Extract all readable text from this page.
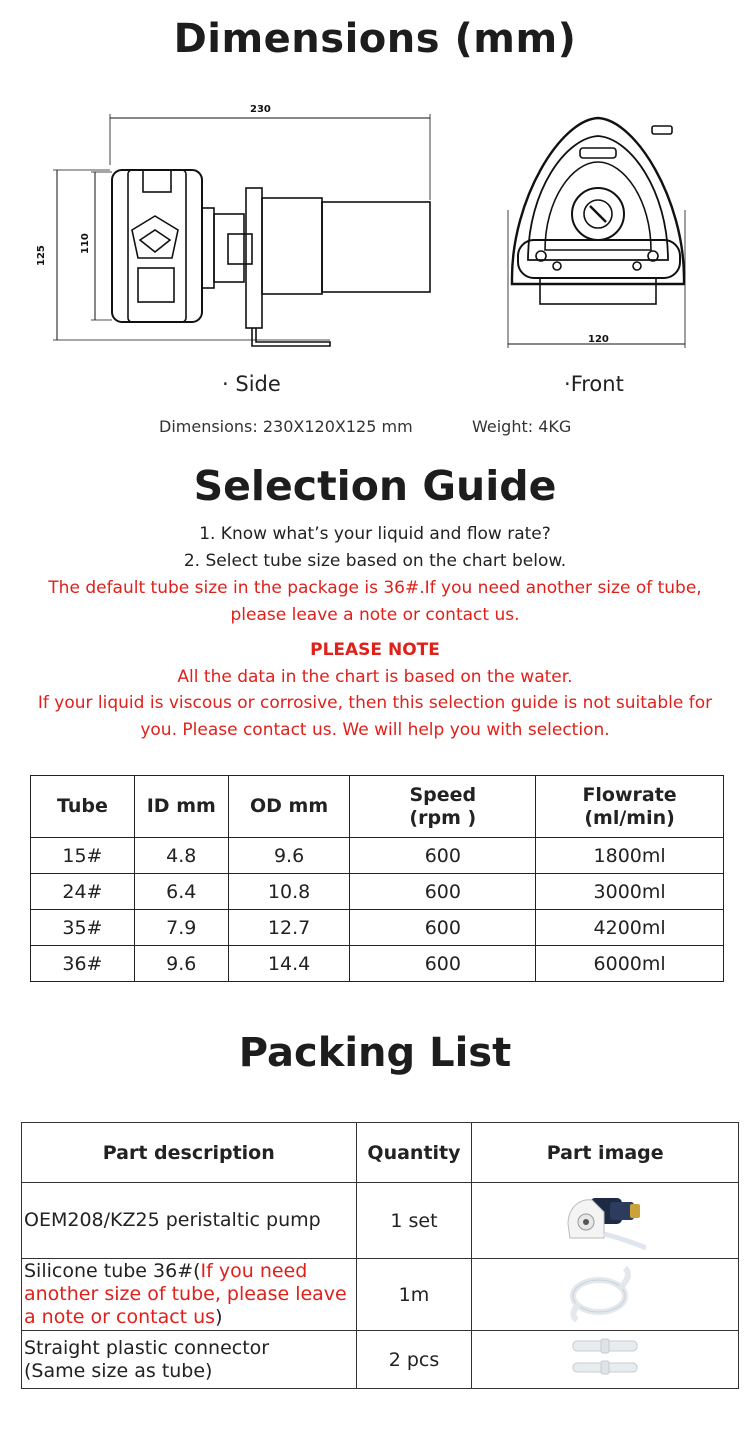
Dimensions (mm)
230
125
110
120
· Side	·Front
Dimensions: 230X120X125 mm	Weight: 4KG
Selection Guide
1. Know what’s your liquid and flow rate?
2. Select tube size based on the chart below.
The default tube size in the package is 36#.If you need another size of tube,
please leave a note or contact us.
PLEASE NOTE
All the data in the chart is based on the water.
If your liquid is viscous or corrosive, then this selection guide is not suitable for
you. Please contact us. We will help you with selection.
Tube	ID mm	OD mm	Speed (rpm )	Flowrate (ml/min)
15#	4.8	9.6	600	1800ml
24#	6.4	10.8	600	3000ml
35#	7.9	12.7	600	4200ml
36#	9.6	14.4	600	6000ml
Packing List
Part description	Quantity	Part image
OEM208/KZ25 peristaltic pump	1 set	
Silicone tube 36#(If you need another size of tube, please leave a note or contact us)	1m	
Straight plastic connector
(Same size as tube)	2 pcs	
